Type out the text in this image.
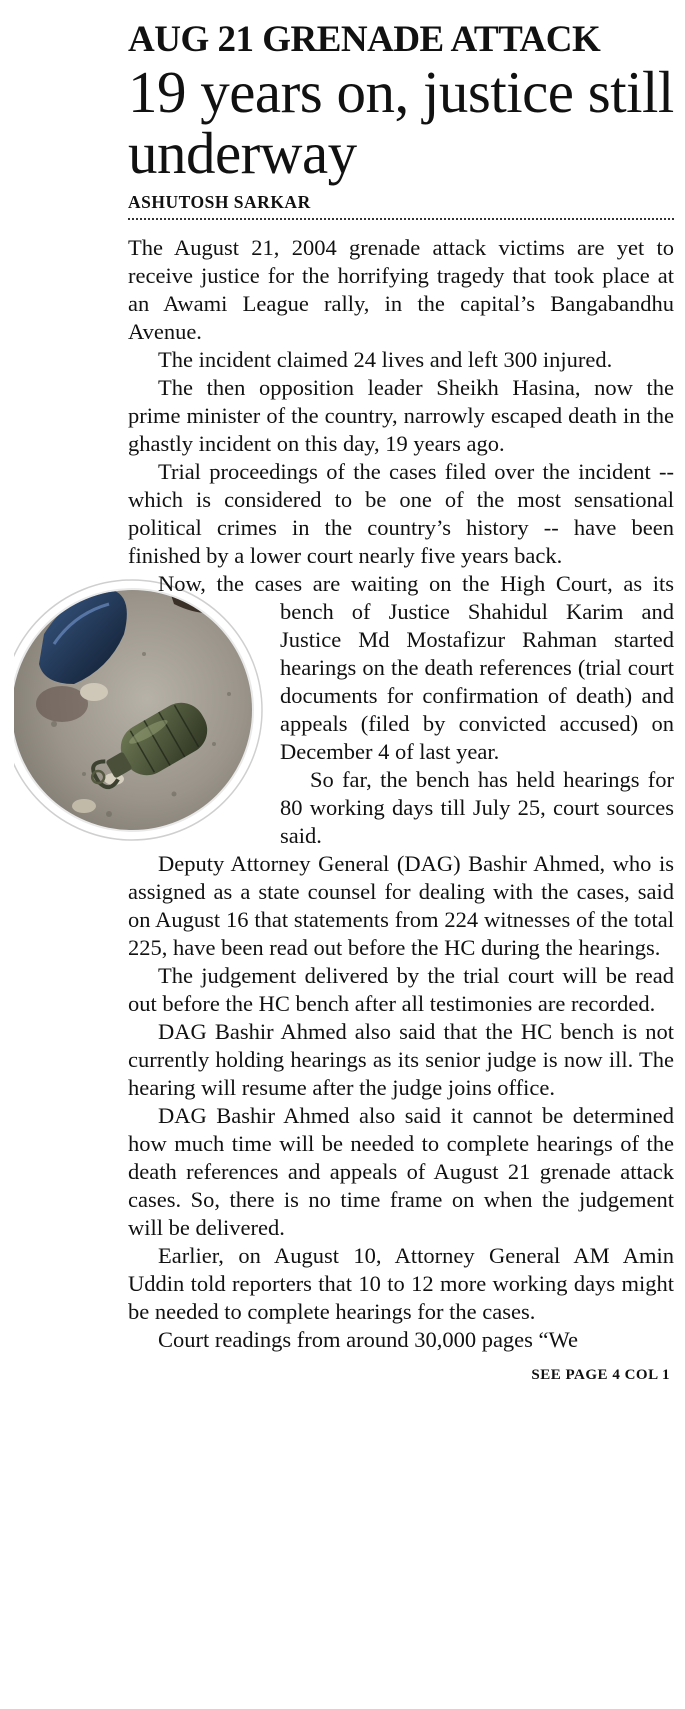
AUG 21 GRENADE ATTACK
19 years on, justice still underway
ASHUTOSH SARKAR

The August 21, 2004 grenade attack victims are yet to receive justice for the horrifying tragedy that took place at an Awami League rally, in the capital’s Bangabandhu Avenue.

The incident claimed 24 lives and left 300 injured.

The then opposition leader Sheikh Hasina, now the prime minister of the country, narrowly escaped death in the ghastly incident on this day, 19 years ago.

Trial proceedings of the cases filed over the incident -- which is considered to be one of the most sensational political crimes in the country’s history -- have been finished by a lower court nearly five years back.

Now, the cases are waiting on the High Court, as its bench of Justice Shahidul Karim and Justice Md Mostafizur Rahman started hearings on the death references (trial court documents for confirmation of death) and appeals (filed by convicted accused) on December 4 of last year.

So far, the bench has held hearings for 80 working days till July 25, court sources said.

Deputy Attorney General (DAG) Bashir Ahmed, who is assigned as a state counsel for dealing with the cases, said on August 16 that statements from 224 witnesses of the total 225, have been read out before the HC during the hearings.

The judgement delivered by the trial court will be read out before the HC bench after all testimonies are recorded.

DAG Bashir Ahmed also said that the HC bench is not currently holding hearings as its senior judge is now ill. The hearing will resume after the judge joins office.

DAG Bashir Ahmed also said it cannot be determined how much time will be needed to complete hearings of the death references and appeals of August 21 grenade attack cases. So, there is no time frame on when the judgement will be delivered.

Earlier, on August 10, Attorney General AM Amin Uddin told reporters that 10 to 12 more working days might be needed to complete hearings for the cases.

Court readings from around 30,000 pages “We

SEE PAGE 4 COL 1
